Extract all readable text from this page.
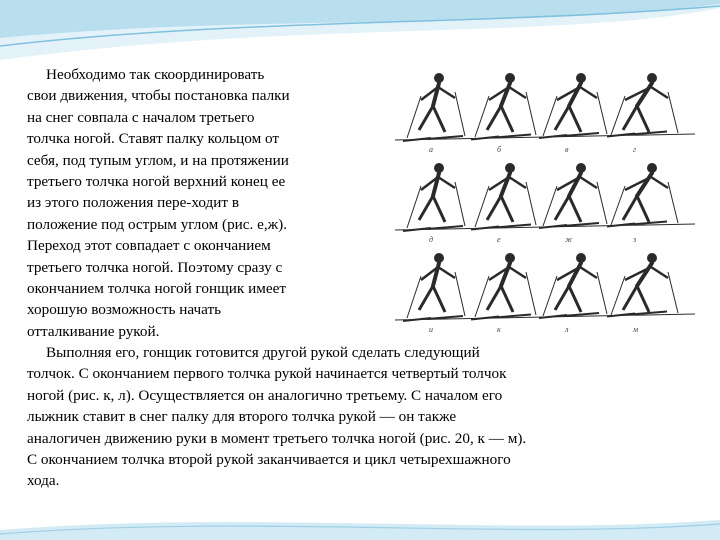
Необходимо так скоординировать
свои движения, чтобы постановка палки
на снег совпала с началом третьего
толчка ногой. Ставят палку кольцом от
себя, под тупым углом, и на протяжении
третьего толчка ногой верхний конец ее
из этого положения пере-ходит в
положение под острым углом (рис. е,ж).
Переход этот совпадает с окончанием
третьего толчка ногой. Поэтому сразу с
окончанием толчка ногой гонщик имеет
хорошую возможность начать
отталкивание рукой.
Выполняя его, гонщик готовится другой рукой сделать следующий
толчок. С окончанием первого толчка рукой начинается четвертый толчок
ногой (рис. к, л). Осуществляется он аналогично третьему. С началом его
лыжник ставит в снег палку для второго толчка рукой — он также
аналогичен движению руки в момент третьего толчка ногой (рис. 20, к — м).
С окончанием толчка второй рукой заканчивается и цикл четырехшажного
хода.
а	б	в	г
д	е	ж	з
и	к	л	м
